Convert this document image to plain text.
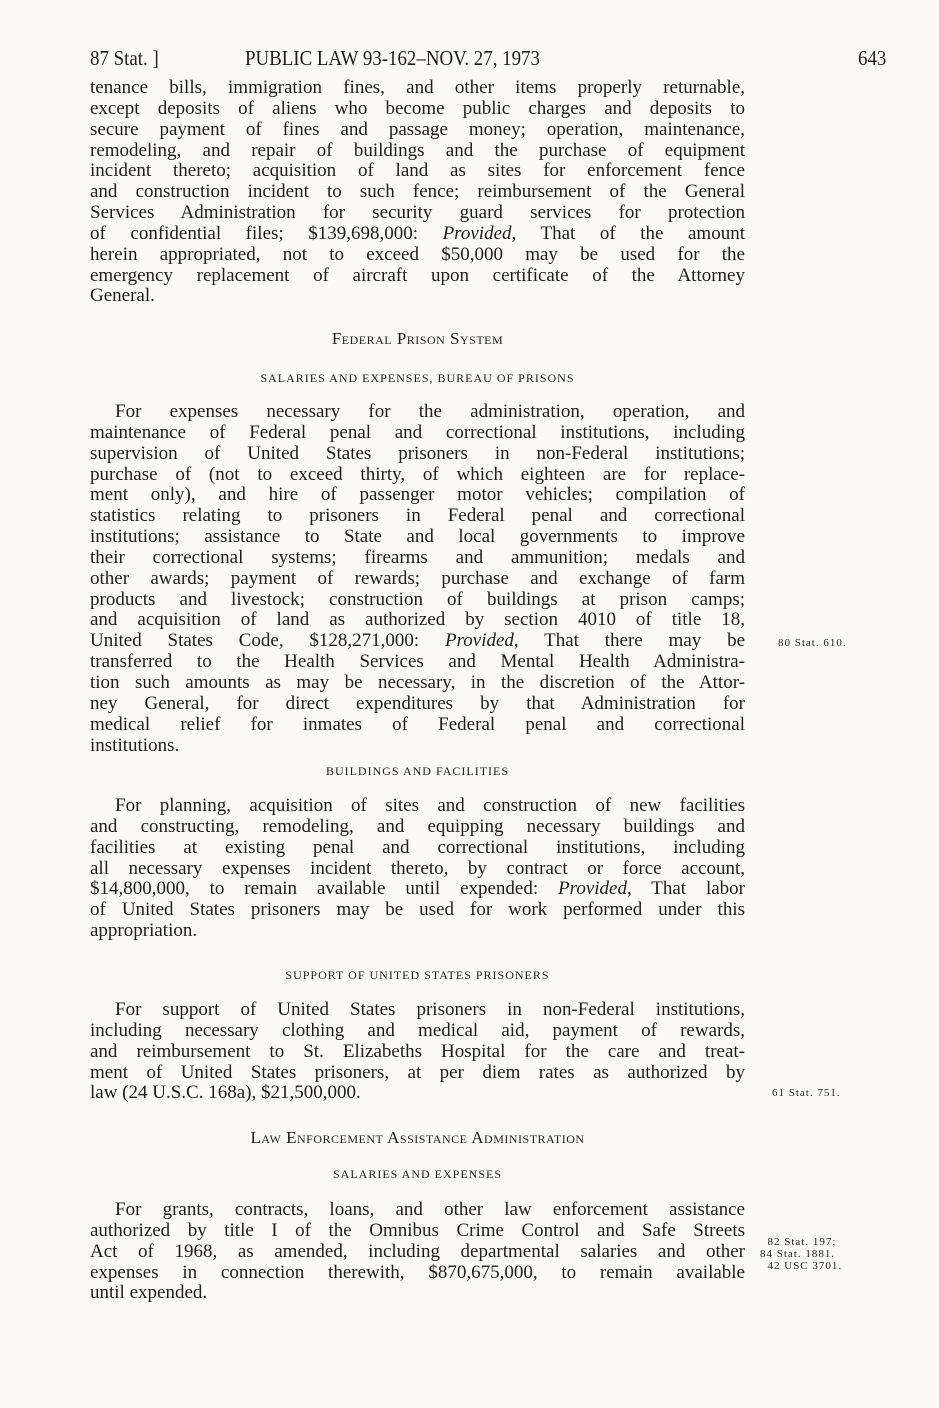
87 Stat. ]	PUBLIC LAW 93-162–NOV. 27, 1973	643
tenance bills, immigration fines, and other items properly returnable,
except deposits of aliens who become public charges and deposits to
secure payment of fines and passage money; operation, maintenance,
remodeling, and repair of buildings and the purchase of equipment
incident thereto; acquisition of land as sites for enforcement fence
and construction incident to such fence; reimbursement of the General
Services Administration for security guard services for protection
of confidential files; $139,698,000: Provided, That of the amount
herein appropriated, not to exceed $50,000 may be used for the
emergency replacement of aircraft upon certificate of the Attorney
General.
Federal Prison System
SALARIES AND EXPENSES, BUREAU OF PRISONS
For expenses necessary for the administration, operation, and
maintenance of Federal penal and correctional institutions, including
supervision of United States prisoners in non-Federal institutions;
purchase of (not to exceed thirty, of which eighteen are for replace-
ment only), and hire of passenger motor vehicles; compilation of
statistics relating to prisoners in Federal penal and correctional
institutions; assistance to State and local governments to improve
their correctional systems; firearms and ammunition; medals and
other awards; payment of rewards; purchase and exchange of farm
products and livestock; construction of buildings at prison camps;
and acquisition of land as authorized by section 4010 of title 18,
United States Code, $128,271,000: Provided, That there may be
transferred to the Health Services and Mental Health Administra-
tion such amounts as may be necessary, in the discretion of the Attor-
ney General, for direct expenditures by that Administration for
medical relief for inmates of Federal penal and correctional
institutions.
BUILDINGS AND FACILITIES
For planning, acquisition of sites and construction of new facilities
and constructing, remodeling, and equipping necessary buildings and
facilities at existing penal and correctional institutions, including
all necessary expenses incident thereto, by contract or force account,
$14,800,000, to remain available until expended: Provided, That labor
of United States prisoners may be used for work performed under this
appropriation.
SUPPORT OF UNITED STATES PRISONERS
For support of United States prisoners in non-Federal institutions,
including necessary clothing and medical aid, payment of rewards,
and reimbursement to St. Elizabeths Hospital for the care and treat-
ment of United States prisoners, at per diem rates as authorized by
law (24 U.S.C. 168a), $21,500,000.
Law Enforcement Assistance Administration
SALARIES AND EXPENSES
For grants, contracts, loans, and other law enforcement assistance
authorized by title I of the Omnibus Crime Control and Safe Streets
Act of 1968, as amended, including departmental salaries and other
expenses in connection therewith, $870,675,000, to remain available
until expended.
80 Stat. 610.
61 Stat. 751.
82 Stat. 197;
84 Stat. 1881.
42 USC 3701.
